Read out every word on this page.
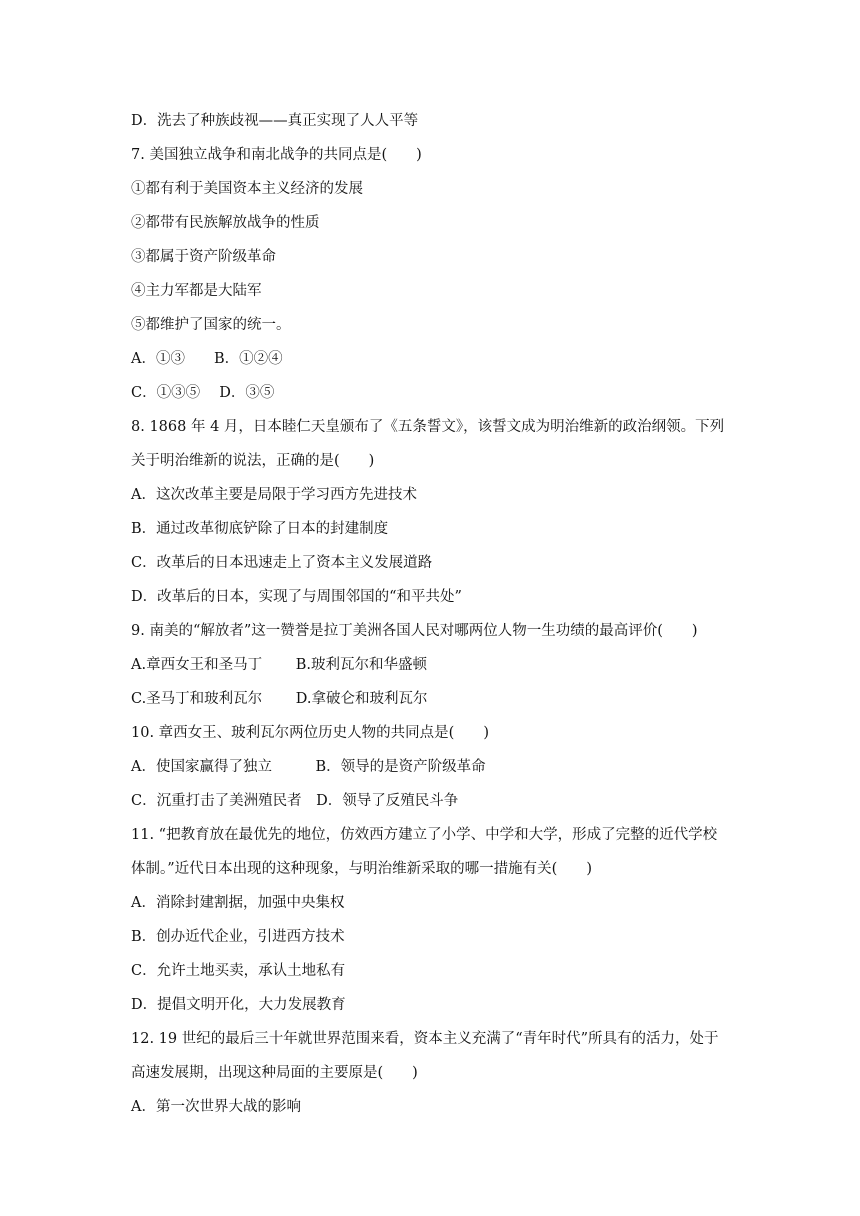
D．洗去了种族歧视——真正实现了人人平等
7. 美国独立战争和南北战争的共同点是(　　)
①都有利于美国资本主义经济的发展
②都带有民族解放战争的性质
③都属于资产阶级革命
④主力军都是大陆军
⑤都维护了国家的统一。
A．①③　　B．①②④
C．①③⑤　 D．③⑤
8. 1868 年 4 月，日本睦仁天皇颁布了《五条誓文》，该誓文成为明治维新的政治纲领。下列
关于明治维新的说法，正确的是(　　)
A．这次改革主要是局限于学习西方先进技术
B．通过改革彻底铲除了日本的封建制度
C．改革后的日本迅速走上了资本主义发展道路
D．改革后的日本，实现了与周围邻国的“和平共处”
9. 南美的“解放者”这一赞誉是拉丁美洲各国人民对哪两位人物一生功绩的最高评价(　　)
A.章西女王和圣马丁　　 B.玻利瓦尔和华盛顿
C.圣马丁和玻利瓦尔　　 D.拿破仑和玻利瓦尔
10. 章西女王、玻利瓦尔两位历史人物的共同点是(　　)
A．使国家赢得了独立　　　B．领导的是资产阶级革命
C．沉重打击了美洲殖民者　D．领导了反殖民斗争
11. “把教育放在最优先的地位，仿效西方建立了小学、中学和大学，形成了完整的近代学校
体制。”近代日本出现的这种现象，与明治维新采取的哪一措施有关(　　)
A．消除封建割据，加强中央集权
B．创办近代企业，引进西方技术
C．允许土地买卖，承认土地私有
D．提倡文明开化，大力发展教育
12. 19 世纪的最后三十年就世界范围来看，资本主义充满了“青年时代”所具有的活力，处于
高速发展期，出现这种局面的主要原是(　　)
A．第一次世界大战的影响
